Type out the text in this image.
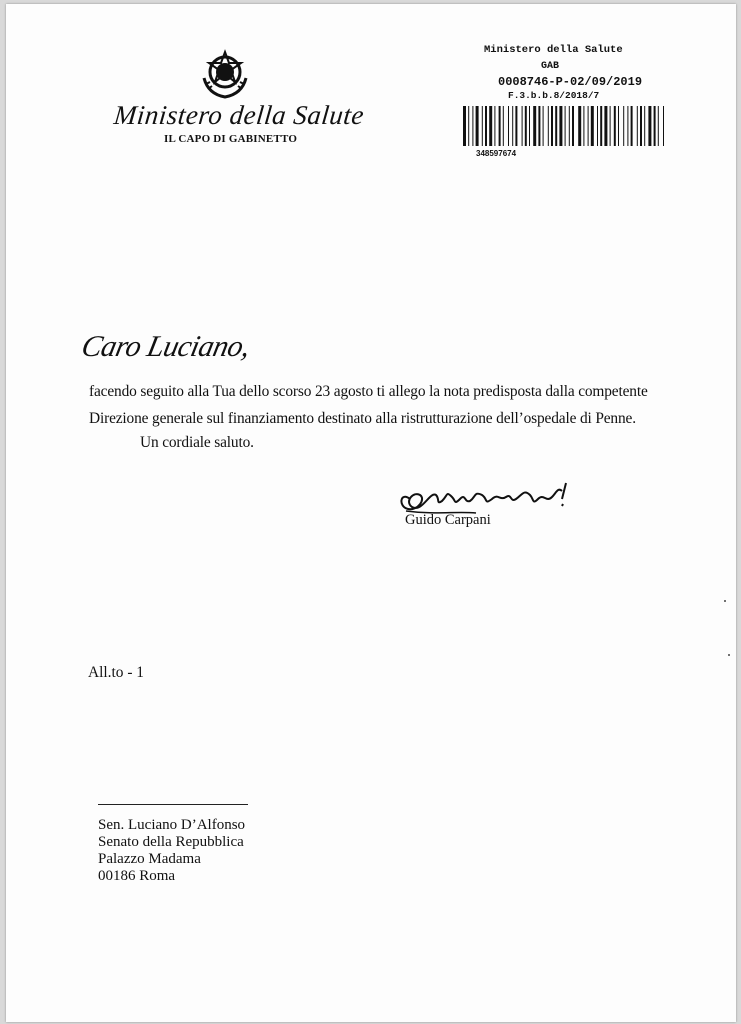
Ministero della Salute
IL CAPO DI GABINETTO
Ministero della Salute
GAB
0008746-P-02/09/2019
F.3.b.b.8/2018/7
348597674
Caro Luciano,
facendo seguito alla Tua dello scorso 23 agosto ti allego la nota predisposta dalla competente
Direzione generale sul finanziamento destinato alla ristrutturazione dell’ospedale di Penne.
Un cordiale saluto.
Guido Carpani
All.to - 1
Sen. Luciano D’Alfonso
Senato della Repubblica
Palazzo Madama
00186 Roma
